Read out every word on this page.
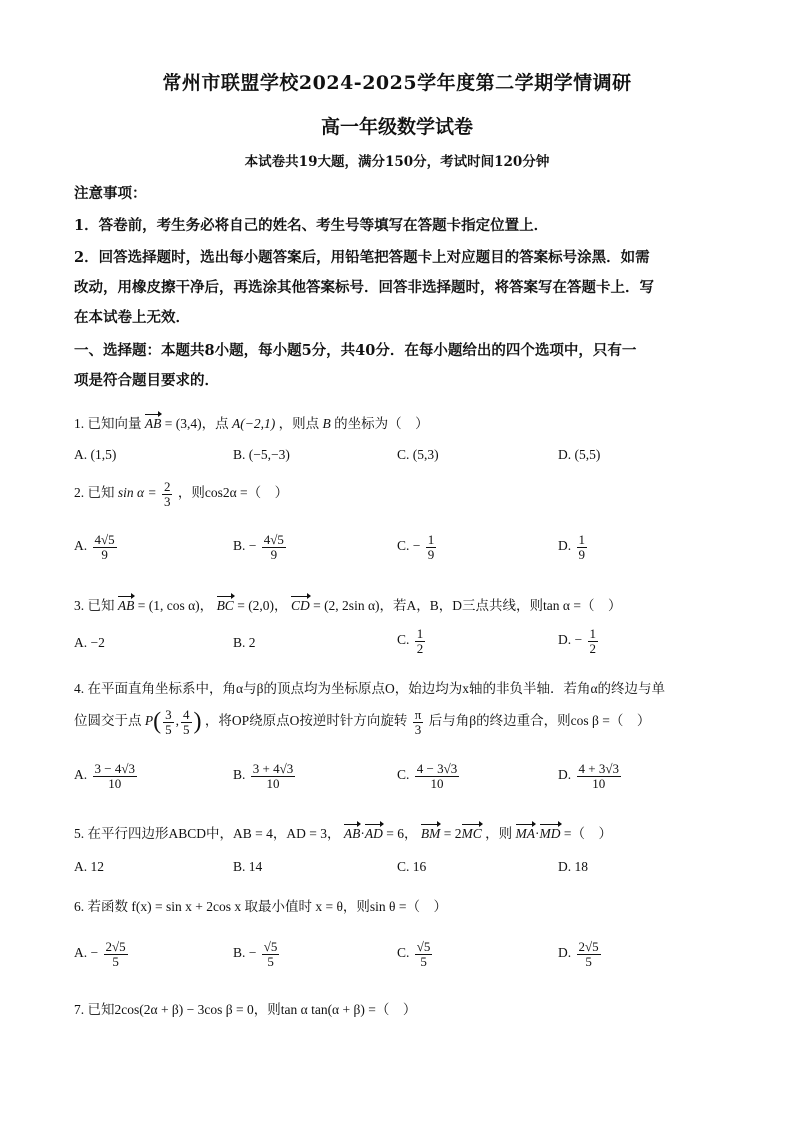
常州市联盟学校2024-2025学年度第二学期学情调研
高一年级数学试卷
本试卷共19大题，满分150分，考试时间120分钟
注意事项：
1．答卷前，考生务必将自己的姓名、考生号等填写在答题卡指定位置上．
2．回答选择题时，选出每小题答案后，用铅笔把答题卡上对应题目的答案标号涂黑．如需
改动，用橡皮擦干净后，再选涂其他答案标号．回答非选择题时，将答案写在答题卡上．写
在本试卷上无效．
一、选择题：本题共8小题，每小题5分，共40分．在每小题给出的四个选项中，只有一
项是符合题目要求的．
1. 已知向量 AB = (3,4)，点 A(−2,1) ，则点 B 的坐标为（　）
A. (1,5)	B. (−5,−3)	C. (5,3)	D. (5,5)
2. 已知 $\sin \alpha = \frac{2}{3}$ ，则cos2α =（　）
A. $\frac{4√5}{9}$	B. − $\frac{4√5}{9}$	C. − $\frac{1}{9}$	D. $\frac{1}{9}$
3. 已知 AB = (1, cos α)， BC = (2,0)， CD = (2, 2sin α)，若A，B，D三点共线，则tan α =（　）
A. −2	B. 2	C. $\frac{1}{2}$	D. − $\frac{1}{2}$
4. 在平面直角坐标系中，角α与β的顶点均为坐标原点O，始边均为x轴的非负半轴．若角α的终边与单
位圆交于点 $P( \frac{3}{5}$ , $\frac{4}{5}$ ) ，将OP绕原点O按逆时针方向旋转 $\frac{\pi}{3}$ 后与角β的终边重合，则cos β =（　）
A. $\frac{3 - 4√3}{10}$	B. $\frac{3 + 4√3}{10}$	C. $\frac{4 - 3√3}{10}$	D. $\frac{4 + 3√3}{10}$
5. 在平行四边形ABCD中，AB = 4，AD = 3， AB·AD = 6， BM = 2MC ，则 MA·MD =（　）
A. 12	B. 14	C. 16	D. 18
6. 若函数 f(x) = sin x + 2cos x 取最小值时 x = θ，则sin θ =（　）
A. − $\frac{2√5}{5}$	B. − $\frac{√5}{5}$	C. $\frac{√5}{5}$	D. $\frac{2√5}{5}$
7. 已知2cos(2α + β) − 3cos β = 0，则tan α tan(α + β) =（　）
